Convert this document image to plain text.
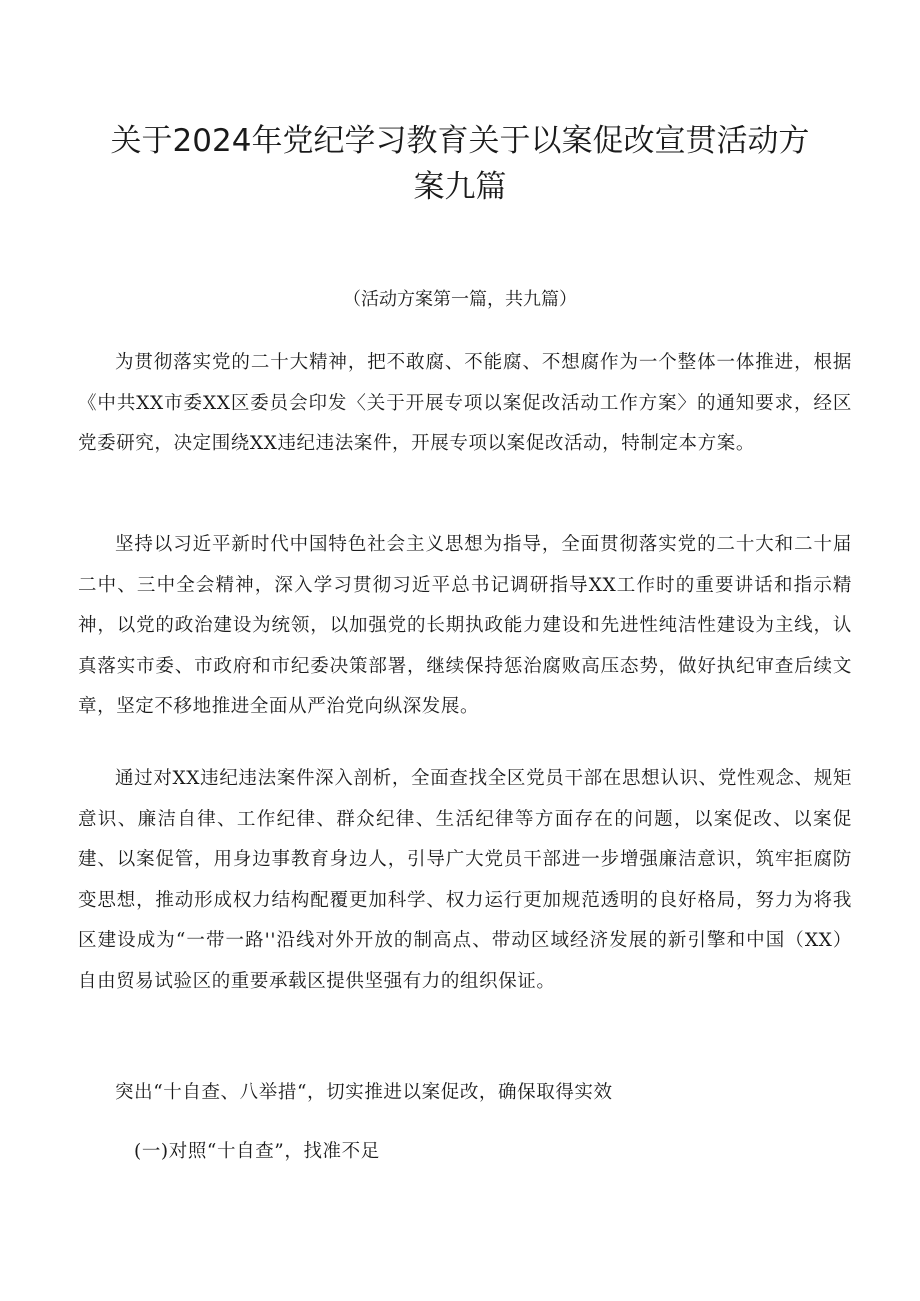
关于2024年党纪学习教育关于以案促改宣贯活动方案九篇

（活动方案第一篇，共九篇）

为贯彻落实党的二十大精神，把不敢腐、不能腐、不想腐作为一个整体一体推进，根据《中共XX市委XX区委员会印发〈关于开展专项以案促改活动工作方案〉的通知要求，经区党委研究，决定围绕XX违纪违法案件，开展专项以案促改活动，特制定本方案。

坚持以习近平新时代中国特色社会主义思想为指导，全面贯彻落实党的二十大和二十届二中、三中全会精神，深入学习贯彻习近平总书记调研指导XX工作时的重要讲话和指示精神，以党的政治建设为统领，以加强党的长期执政能力建设和先进性纯洁性建设为主线，认真落实市委、市政府和市纪委决策部署，继续保持惩治腐败高压态势，做好执纪审查后续文章，坚定不移地推进全面从严治党向纵深发展。

通过对XX违纪违法案件深入剖析，全面查找全区党员干部在思想认识、党性观念、规矩意识、廉洁自律、工作纪律、群众纪律、生活纪律等方面存在的问题，以案促改、以案促建、以案促管，用身边事教育身边人，引导广大党员干部进一步增强廉洁意识，筑牢拒腐防变思想，推动形成权力结构配覆更加科学、权力运行更加规范透明的良好格局，努力为将我区建设成为“一带一路''沿线对外开放的制高点、带动区域经济发展的新引擎和中国（XX）自由贸易试验区的重要承载区提供坚强有力的组织保证。

突出“十自查、八举措“，切实推进以案促改，确保取得实效

(一)对照“十自查”，找准不足
